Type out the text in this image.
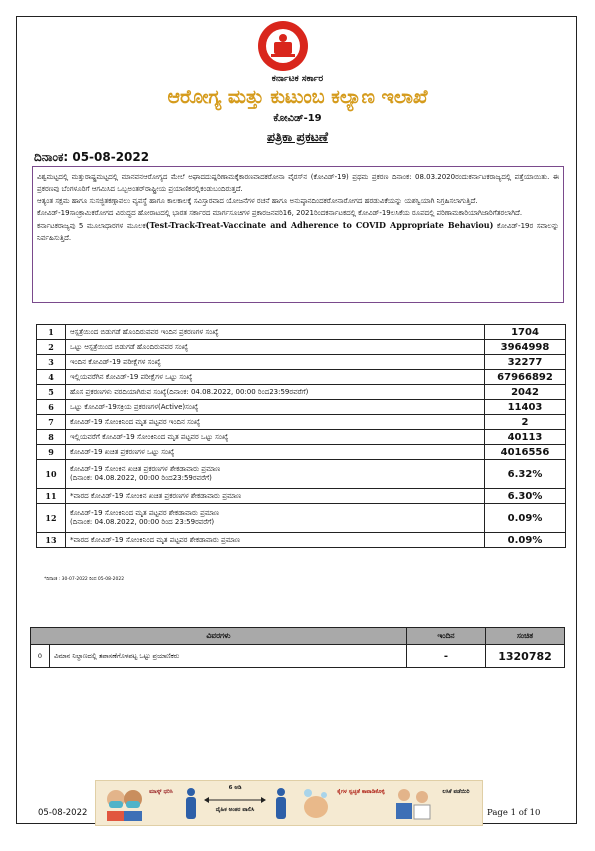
ಕರ್ನಾಟಕ ಸರ್ಕಾರ
ಆರೋಗ್ಯ ಮತ್ತು ಕುಟುಂಬ ಕಲ್ಯಾಣ ಇಲಾಖೆ
ಕೋವಿಡ್-19
ಪತ್ರಿಕಾ ಪ್ರಕಟಣೆ
ದಿನಾಂಕ: 05-08-2022

ವಿಶ್ವಮಟ್ಟದಲ್ಲಿ ಮತ್ತುರಾಷ್ಟ್ರಮಟ್ಟದಲ್ಲಿ ಮಾನವನಆರೋಗ್ಯದ ಮೇಲೆ ಅಘಾದದುಷ್ಪರಿಣಾಮಕ್ಕೆಕಾರಣವಾದಕರೋನಾ ವೈರಸ್‌ನ (ಕೋವಿಡ್-19) ಪ್ರಥಮ ಪ್ರಕರಣ ದಿನಾಂಕ: 08.03.2020ರಂದುಕರ್ನಾಟಕರಾಜ್ಯದಲ್ಲಿ ಪತ್ತೆಯಾಯಿತು. ಈ ಪ್ರಕರಣವು ಬೆಂಗಳೂರಿಗೆ ಆಗಮಿಸಿದ ಒಬ್ಬಅಂತರ್‌ರಾಷ್ಟ್ರೀಯ ಪ್ರಯಾಣಿಕರಲ್ಲಿಕಂಡುಬಂದಿರುತ್ತದೆ.

ಆತ್ಯಂತ ಸಕ್ಷಮ ಹಾಗೂ ಸುಸಜ್ಜಿತಕಣ್ಗಾವಲು ವ್ಯವಸ್ಥೆ ಹಾಗೂ ಕಾಲಕಾಲಕ್ಕೆ ಸವಿಸ್ತಾರವಾದ ಯೋಜನೆಗಳ ರಚನೆ ಹಾಗೂ ಅನುಷ್ಠಾನದಿಂದಕರೋನಾರೋಗದ ಹರಡುವಿಕೆಯನ್ನು ಯಶಸ್ವಿಯಾಗಿ ನಿಗ್ರಹಿಸಲಾಗುತ್ತಿದೆ.

ಕೋವಿಡ್-19ಸಾಂಕ್ರಾಮಿಕರೋಗದ ವಿರುದ್ಧದ ಹೋರಾಟದಲ್ಲಿ ಭಾರತ ಸರ್ಕಾರದ ಮಾರ್ಗಸೂಚಿಗಳ ಪ್ರಕಾರಜನವರಿ16, 2021ರಿಂದಕರ್ನಾಟಕದಲ್ಲಿ ಕೋವಿಡ್-19ಲಸಿಕೆಯ ರೂಪದಲ್ಲಿ ಪರಿಣಾಮಕಾರಿಯಾಗಿಜಾರಿಗೆತರಲಾಗಿದೆ.

ಕರ್ನಾಟಕರಾಜ್ಯವು 5 ಮೂಲಾಧಾರಗಳ ಮೂಲಕ(Test-Track-Treat-Vaccinate and Adherence to COVID Appropriate Behaviou) ಕೋವಿಡ್-19ರ ಸವಾಲನ್ನು ನಿರ್ವಹಿಸುತ್ತಿದೆ.

1	ಆಸ್ಪತ್ರೆಯಿಂದ ಬಿಡುಗಡೆ ಹೊಂದಿರುವವರ ಇಂದಿನ ಪ್ರಕರಣಗಳ ಸಂಖ್ಯೆ	1704
2	ಒಟ್ಟು ಆಸ್ಪತ್ರೆಯಿಂದ ಬಿಡುಗಡೆ ಹೊಂದಿರುವವರ ಸಂಖ್ಯೆ	3964998
3	ಇಂದಿನ ಕೋವಿಡ್-19 ಪರೀಕ್ಷೆಗಳ ಸಂಖ್ಯೆ	32277
4	ಇಲ್ಲಿಯವರೆಗಿನ ಕೋವಿಡ್-19 ಪರೀಕ್ಷೆಗಳ ಒಟ್ಟು ಸಂಖ್ಯೆ	67966892
5	ಹೊಸ ಪ್ರಕರಣಗಳು ವರದಿಯಾಗಿರುವ ಸಂಖ್ಯೆ(ದಿನಾಂಕ: 04.08.2022, 00:00 ರಿಂದ23:59ರವರೆಗೆ)	2042
6	ಒಟ್ಟು ಕೋವಿಡ್-19ಸಕ್ರಿಯ ಪ್ರಕರಣಗಳ(Active)ಸಂಖ್ಯೆ	11403
7	ಕೋವಿಡ್-19 ಸೋಂಕಿನಿಂದ ಮೃತ ಪಟ್ಟವರ ಇಂದಿನ ಸಂಖ್ಯೆ	2
8	ಇಲ್ಲಿಯವರೆಗೆ ಕೋವಿಡ್-19 ಸೋಂಕಿನಿಂದ ಮೃತ ಪಟ್ಟವರ ಒಟ್ಟು ಸಂಖ್ಯೆ	40113
9	ಕೋವಿಡ್-19 ಖಚಿತ ಪ್ರಕರಣಗಳ ಒಟ್ಟು ಸಂಖ್ಯೆ	4016556
10	ಕೋವಿಡ್-19 ಸೋಂಕಿನ ಖಚಿತ ಪ್ರಕರಣಗಳ ಶೇಕಡಾವಾರು ಪ್ರಮಾಣ
(ದಿನಾಂಕ: 04.08.2022, 00:00 ರಿಂದ23:59ರವರೆಗೆ)	6.32%
11	*ವಾರದ ಕೋವಿಡ್-19 ಸೋಂಕಿನ ಖಚಿತ ಪ್ರಕರಣಗಳ ಶೇಕಡಾವಾರು ಪ್ರಮಾಣ	6.30%
12	ಕೋವಿಡ್-19 ಸೋಂಕಿನಿಂದ ಮೃತ ಪಟ್ಟವರ ಶೇಕಡಾವಾರು ಪ್ರಮಾಣ
(ದಿನಾಂಕ: 04.08.2022, 00:00 ರಿಂದ 23:59ರವರೆಗೆ)	0.09%
13	*ವಾರದ ಕೋವಿಡ್-19 ಸೋಂಕಿನಿಂದ ಮೃತ ಪಟ್ಟವರ ಶೇಕಡಾವಾರು ಪ್ರಮಾಣ	0.09%
*ದಿನಾಂಕ : 30-07-2022 ರಿಂದ 05-08-2022
ವಿವರಗಳು		ಇಂದಿನ	ಸಂಚಿತ
0	ವಿಮಾನ ನಿಲ್ದಾಣದಲ್ಲಿ ತಪಾಸಣೆಗೊಳಪಟ್ಟ ಒಟ್ಟು ಪ್ರಯಾಣಿಕರು	-	1320782
ಮಾಸ್ಕ್ ಧರಿಸಿ
6 ಅಡಿ
ದೈಹಿಕ ಅಂತರ ಪಾಲಿಸಿ
ಕೈಗಳ ಸ್ವಚ್ಛತೆ ಕಾಪಾಡಿಕೊಳ್ಳಿ	ಲಸಿಕೆ ಪಡೆಯಿರಿ
05-08-2022	Page 1 of 10
